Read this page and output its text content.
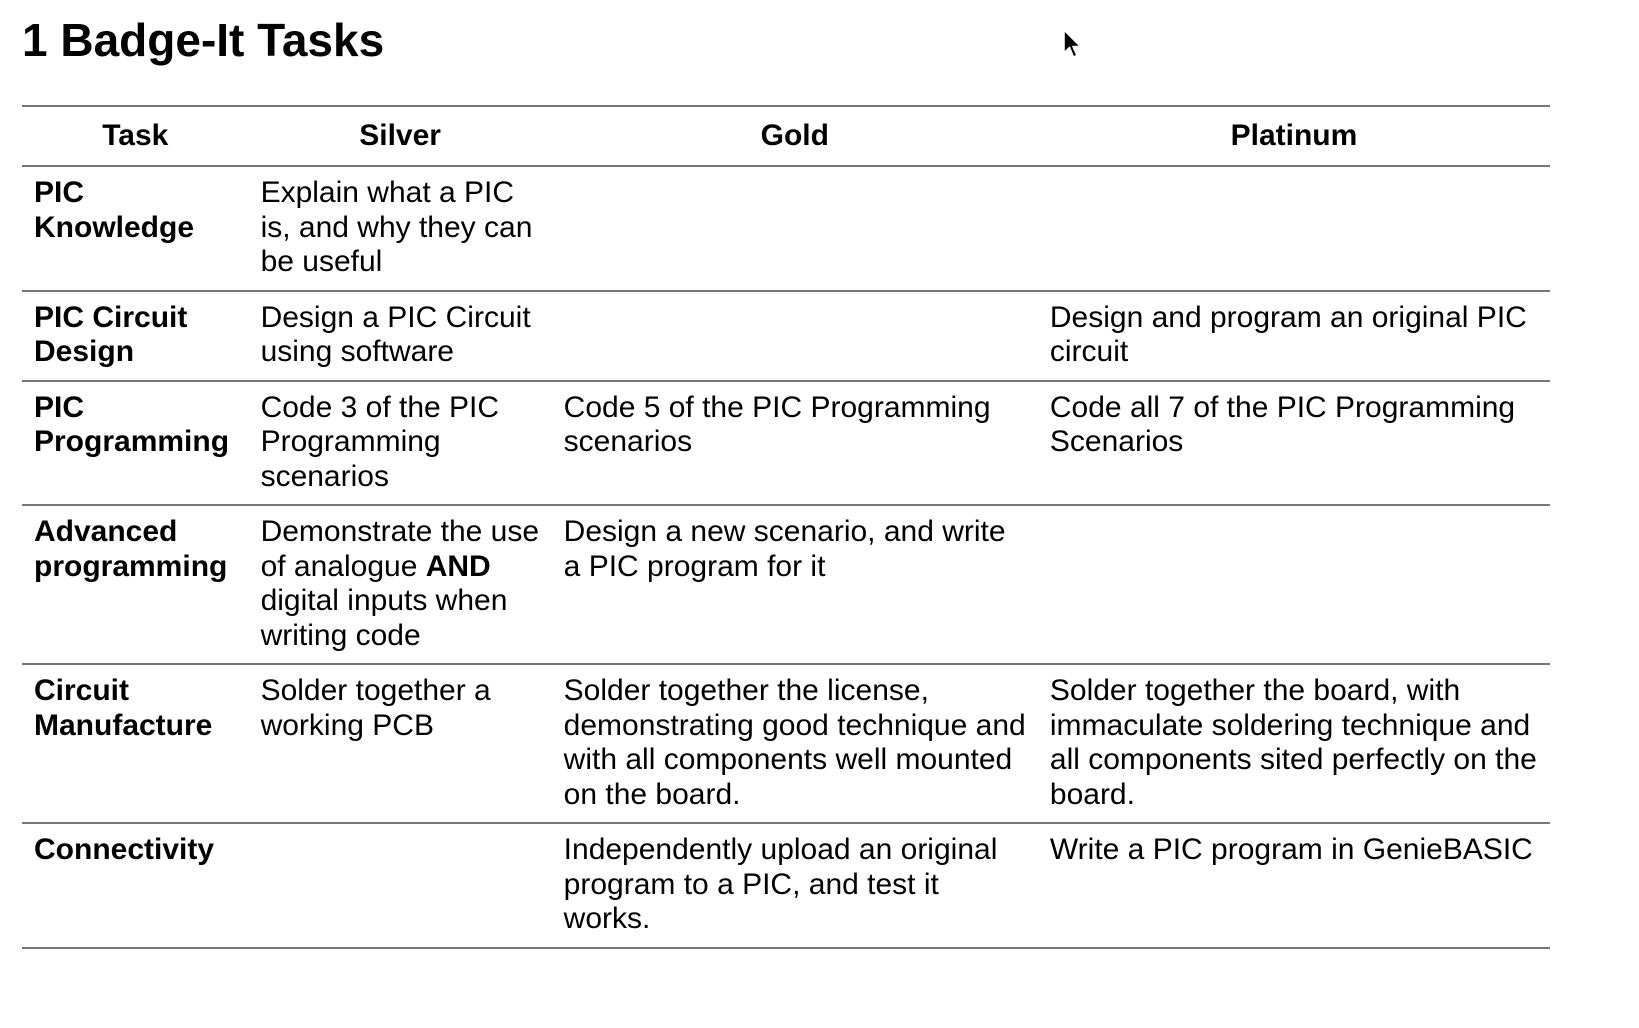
1 Badge-It Tasks
Task	Silver	Gold	Platinum
PIC Knowledge	Explain what a PIC is, and why they can be useful		
PIC Circuit Design	Design a PIC Circuit using software		Design and program an original PIC circuit
PIC Programming	Code 3 of the PIC Programming scenarios	Code 5 of the PIC Programming scenarios	Code all 7 of the PIC Programming Scenarios
Advanced programming	Demonstrate the use of analogue AND digital inputs when writing code	Design a new scenario, and write a PIC program for it	
Circuit Manufacture	Solder together a working PCB	Solder together the license, demonstrating good technique and with all components well mounted on the board.	Solder together the board, with immaculate soldering technique and all components sited perfectly on the board.
Connectivity		Independently upload an original program to a PIC, and test it works.	Write a PIC program in GenieBASIC
